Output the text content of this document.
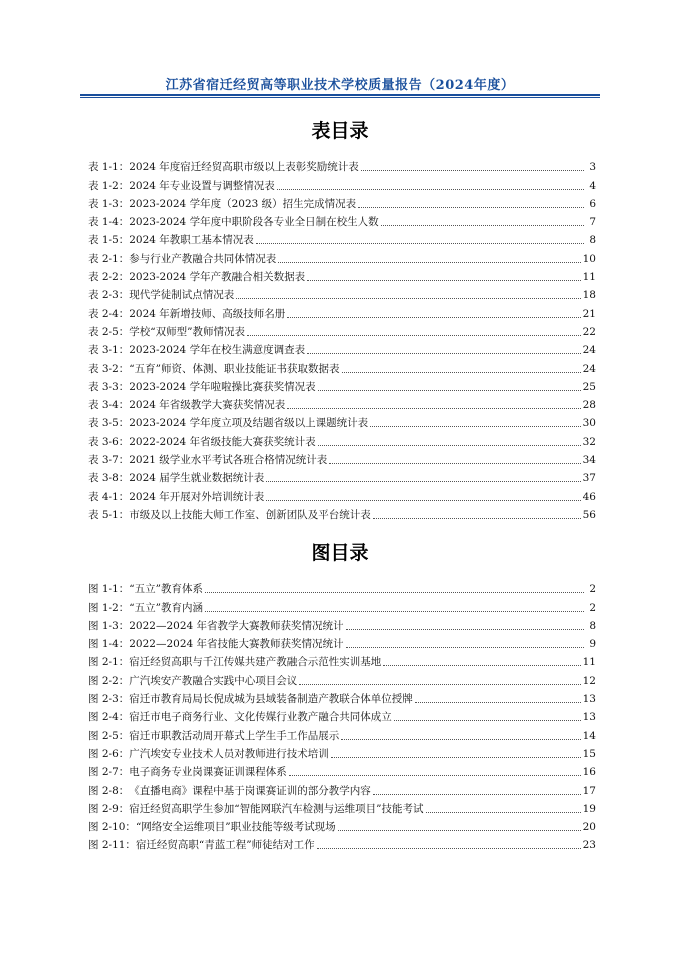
江苏省宿迁经贸高等职业技术学校质量报告（2024年度）
表目录
表 1-1： 2024 年度宿迁经贸高职市级以上表彰奖励统计表	3
表 1-2： 2024 年专业设置与调整情况表	4
表 1-3： 2023-2024 学年度（2023 级）招生完成情况表	6
表 1-4： 2023-2024 学年度中职阶段各专业全日制在校生人数	7
表 1-5： 2024 年教职工基本情况表	8
表 2-1： 参与行业产教融合共同体情况表	10
表 2-2： 2023-2024 学年产教融合相关数据表	11
表 2-3： 现代学徒制试点情况表	18
表 2-4： 2024 年新增技师、高级技师名册	21
表 2-5： 学校“双师型”教师情况表	22
表 3-1： 2023-2024 学年在校生满意度调查表	24
表 3-2： “五育”师资、体测、职业技能证书获取数据表	24
表 3-3： 2023-2024 学年啦啦操比赛获奖情况表	25
表 3-4： 2024 年省级教学大赛获奖情况表	28
表 3-5： 2023-2024 学年度立项及结题省级以上课题统计表	30
表 3-6： 2022-2024 年省级技能大赛获奖统计表	32
表 3-7： 2021 级学业水平考试各班合格情况统计表	34
表 3-8： 2024 届学生就业数据统计表	37
表 4-1： 2024 年开展对外培训统计表	46
表 5-1： 市级及以上技能大师工作室、创新团队及平台统计表	56
图目录
图 1-1： “五立”教育体系	2
图 1-2： “五立”教育内涵	2
图 1-3： 2022—2024 年省教学大赛教师获奖情况统计	8
图 1-4： 2022—2024 年省技能大赛教师获奖情况统计	9
图 2-1： 宿迁经贸高职与千江传媒共建产教融合示范性实训基地	11
图 2-2： 广汽埃安产教融合实践中心项目会议	12
图 2-3： 宿迁市教育局局长倪成城为县域装备制造产教联合体单位授牌	13
图 2-4： 宿迁市电子商务行业、文化传媒行业教产融合共同体成立	13
图 2-5： 宿迁市职教活动周开幕式上学生手工作品展示	14
图 2-6： 广汽埃安专业技术人员对教师进行技术培训	15
图 2-7： 电子商务专业岗课赛证训课程体系	16
图 2-8： 《直播电商》课程中基于岗课赛证训的部分教学内容	17
图 2-9： 宿迁经贸高职学生参加“智能网联汽车检测与运维项目”技能考试	19
图 2-10： “网络安全运维项目”职业技能等级考试现场	20
图 2-11： 宿迁经贸高职“青蓝工程”师徒结对工作	23
